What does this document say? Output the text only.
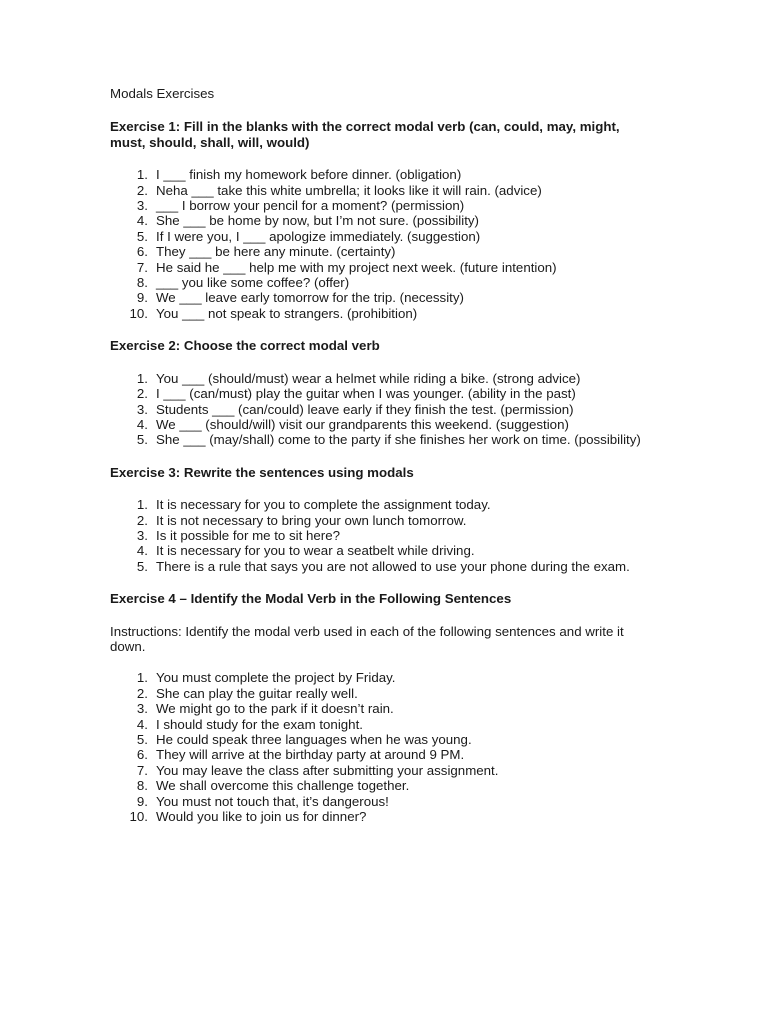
Modals Exercises
Exercise 1: Fill in the blanks with the correct modal verb (can, could, may, might, must, should, shall, will, would)
1. I ___ finish my homework before dinner. (obligation)
2. Neha ___ take this white umbrella; it looks like it will rain. (advice)
3. ___ I borrow your pencil for a moment? (permission)
4. She ___ be home by now, but I’m not sure. (possibility)
5. If I were you, I ___ apologize immediately. (suggestion)
6. They ___ be here any minute. (certainty)
7. He said he ___ help me with my project next week. (future intention)
8. ___ you like some coffee? (offer)
9. We ___ leave early tomorrow for the trip. (necessity)
10. You ___ not speak to strangers. (prohibition)
Exercise 2: Choose the correct modal verb
1. You ___ (should/must) wear a helmet while riding a bike. (strong advice)
2. I ___ (can/must) play the guitar when I was younger. (ability in the past)
3. Students ___ (can/could) leave early if they finish the test. (permission)
4. We ___ (should/will) visit our grandparents this weekend. (suggestion)
5. She ___ (may/shall) come to the party if she finishes her work on time. (possibility)
Exercise 3: Rewrite the sentences using modals
1. It is necessary for you to complete the assignment today.
2. It is not necessary to bring your own lunch tomorrow.
3. Is it possible for me to sit here?
4. It is necessary for you to wear a seatbelt while driving.
5. There is a rule that says you are not allowed to use your phone during the exam.
Exercise 4 – Identify the Modal Verb in the Following Sentences
Instructions: Identify the modal verb used in each of the following sentences and write it down.
1. You must complete the project by Friday.
2. She can play the guitar really well.
3. We might go to the park if it doesn’t rain.
4. I should study for the exam tonight.
5. He could speak three languages when he was young.
6. They will arrive at the birthday party at around 9 PM.
7. You may leave the class after submitting your assignment.
8. We shall overcome this challenge together.
9. You must not touch that, it’s dangerous!
10. Would you like to join us for dinner?
